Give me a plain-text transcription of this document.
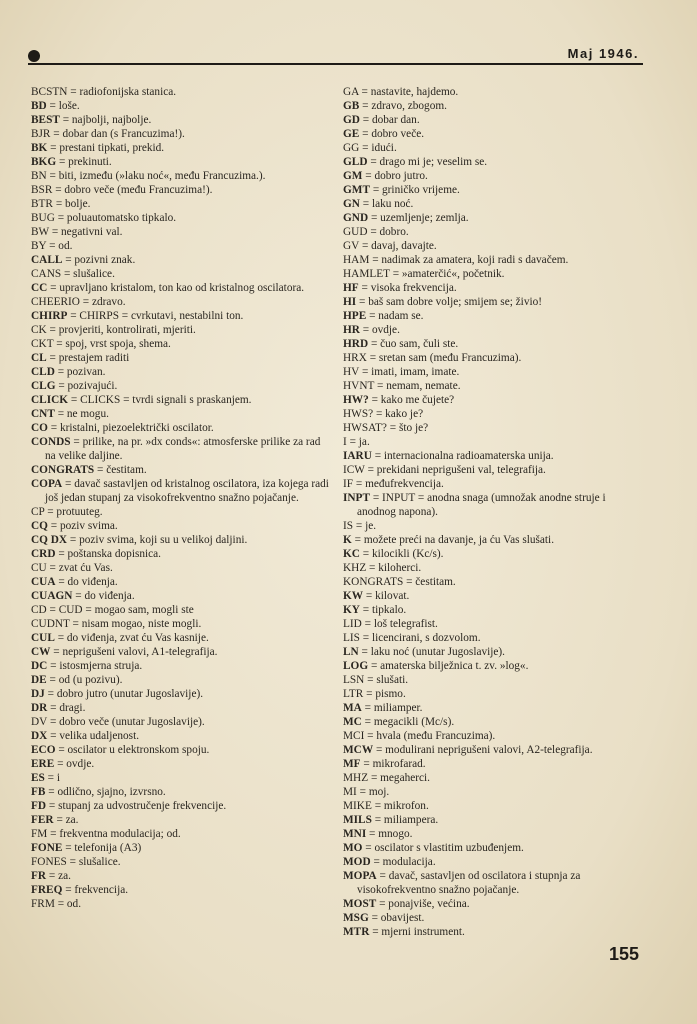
Maj 1946.
BCSTN = radiofonijska stanica.
BD = loše.
BEST = najbolji, najbolje.
BJR = dobar dan (s Francuzima!).
BK = prestani tipkati, prekid.
BKG = prekinuti.
BN = biti, između (»laku noć«, među Francuzima.).
BSR = dobro veče (među Francuzima!).
BTR = bolje.
BUG = poluautomatsko tipkalo.
BW = negativni val.
BY = od.
CALL = pozivni znak.
CANS = slušalice.
CC = upravljano kristalom, ton kao od kristalnog oscilatora.
CHEERIO = zdravo.
CHIRP = CHIRPS = cvrkutavi, nestabilni ton.
CK = provjeriti, kontrolirati, mjeriti.
CKT = spoj, vrst spoja, shema.
CL = prestajem raditi
CLD = pozivan.
CLG = pozivajući.
CLICK = CLICKS = tvrdi signali s praskanjem.
CNT = ne mogu.
CO = kristalni, piezoelektrički oscilator.
CONDS = prilike, na pr. »dx conds«: atmosferske prilike za rad na velike daljine.
CONGRATS = čestitam.
COPA = davač sastavljen od kristalnog oscilatora, iza kojega radi još jedan stupanj za visokofrekventno snažno pojačanje.
CP = protuuteg.
CQ = poziv svima.
CQ DX = poziv svima, koji su u velikoj daljini.
CRD = poštanska dopisnica.
CU = zvat ću Vas.
CUA = do viđenja.
CUAGN = do viđenja.
CD = CUD = mogao sam, mogli ste
CUDNT = nisam mogao, niste mogli.
CUL = do viđenja, zvat ću Vas kasnije.
CW = neprigušeni valovi, A1-telegrafija.
DC = istosmjerna struja.
DE = od (u pozivu).
DJ = dobro jutro (unutar Jugoslavije).
DR = dragi.
DV = dobro veče (unutar Jugoslavije).
DX = velika udaljenost.
ECO = oscilator u elektronskom spoju.
ERE = ovdje.
ES = i
FB = odlično, sjajno, izvrsno.
FD = stupanj za udvostručenje frekvencije.
FER = za.
FM = frekventna modulacija; od.
FONE = telefonija (A3)
FONES = slušalice.
FR = za.
FREQ = frekvencija.
FRM = od.
GA = nastavite, hajdemo.
GB = zdravo, zbogom.
GD = dobar dan.
GE = dobro veče.
GG = idući.
GLD = drago mi je; veselim se.
GM = dobro jutro.
GMT = griničko vrijeme.
GN = laku noć.
GND = uzemljenje; zemlja.
GUD = dobro.
GV = davaj, davajte.
HAM = nadimak za amatera, koji radi s davačem.
HAMLET = »amaterčić«, početnik.
HF = visoka frekvencija.
HI = baš sam dobre volje; smijem se; živio!
HPE = nadam se.
HR = ovdje.
HRD = čuo sam, čuli ste.
HRX = sretan sam (među Francuzima).
HV = imati, imam, imate.
HVNT = nemam, nemate.
HW? = kako me čujete?
HWS? = kako je?
HWSAT? = što je?
I = ja.
IARU = internacionalna radioamaterska unija.
ICW = prekidani neprigušeni val, telegrafija.
IF = međufrekvencija.
INPT = INPUT = anodna snaga (umnožak anodne struje i anodnog napona).
IS = je.
K = možete preći na davanje, ja ću Vas slušati.
KC = kilocikli (Kc/s).
KHZ = kiloherci.
KONGRATS = čestitam.
KW = kilovat.
KY = tipkalo.
LID = loš telegrafist.
LIS = licencirani, s dozvolom.
LN = laku noć (unutar Jugoslavije).
LOG = amaterska bilježnica t. zv. »log«.
LSN = slušati.
LTR = pismo.
MA = miliamper.
MC = megacikli (Mc/s).
MCI = hvala (među Francuzima).
MCW = modulirani neprigušeni valovi, A2-telegrafija.
MF = mikrofarad.
MHZ = megaherci.
MI = moj.
MIKE = mikrofon.
MILS = miliampera.
MNI = mnogo.
MO = oscilator s vlastitim uzbuđenjem.
MOD = modulacija.
MOPA = davač, sastavljen od oscilatora i stupnja za visokofrekventno snažno pojačanje.
MOST = ponajviše, većina.
MSG = obavijest.
MTR = mjerni instrument.
155
